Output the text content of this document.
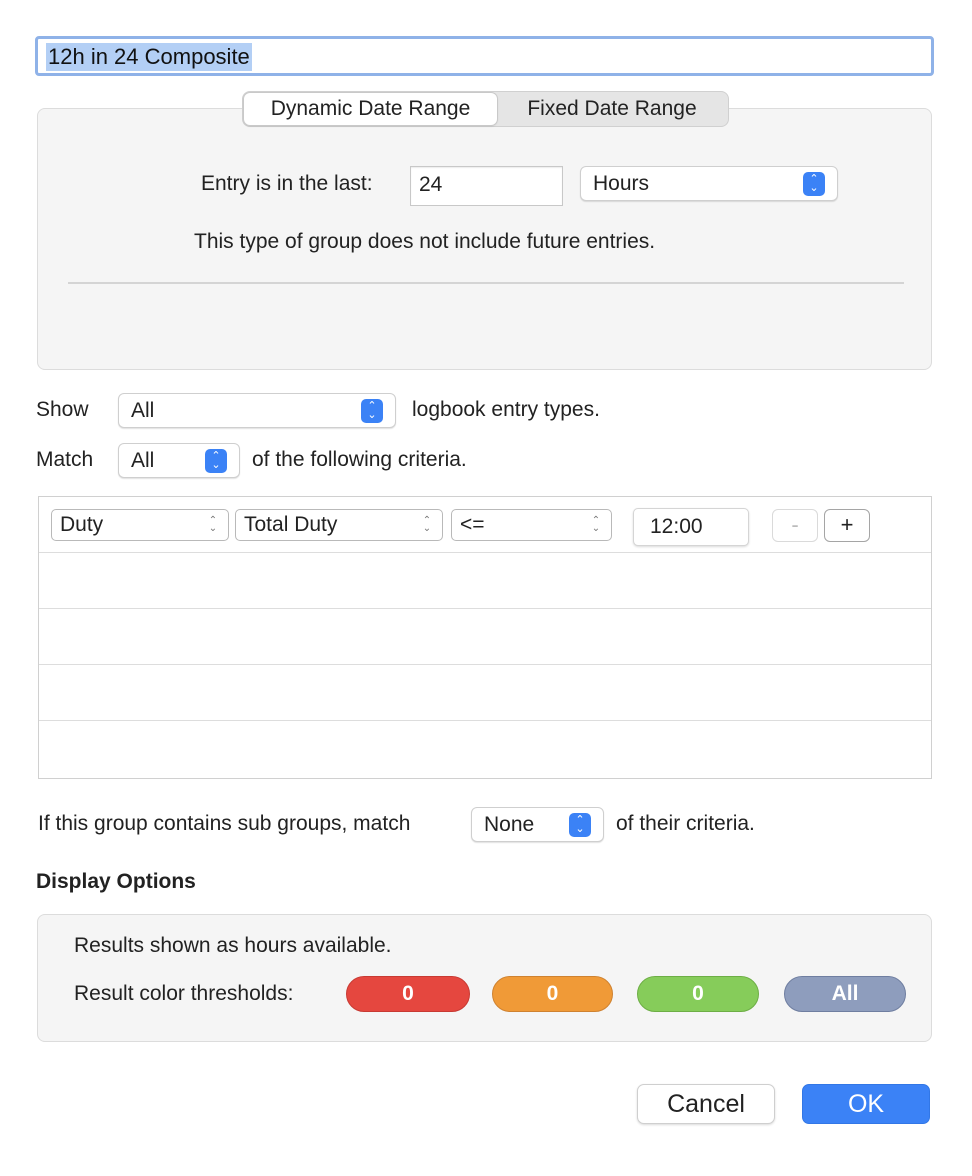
12h in 24 Composite
Dynamic Date Range	Fixed Date Range
Entry is in the last:	24	Hours	⌃
⌄
This type of group does not include future entries.
Show All	⌃
⌄	logbook entry types.
Match All	⌃
⌄	of the following criteria.
Duty	⌃
⌄ Total Duty	⌃
⌄ <=	⌃
⌄	12:00	-	+
If this group contains sub groups, match	None	⌃
⌄	of their criteria.
Display Options
Results shown as hours available.
Result color thresholds:	0	0	0	All
Cancel	OK
